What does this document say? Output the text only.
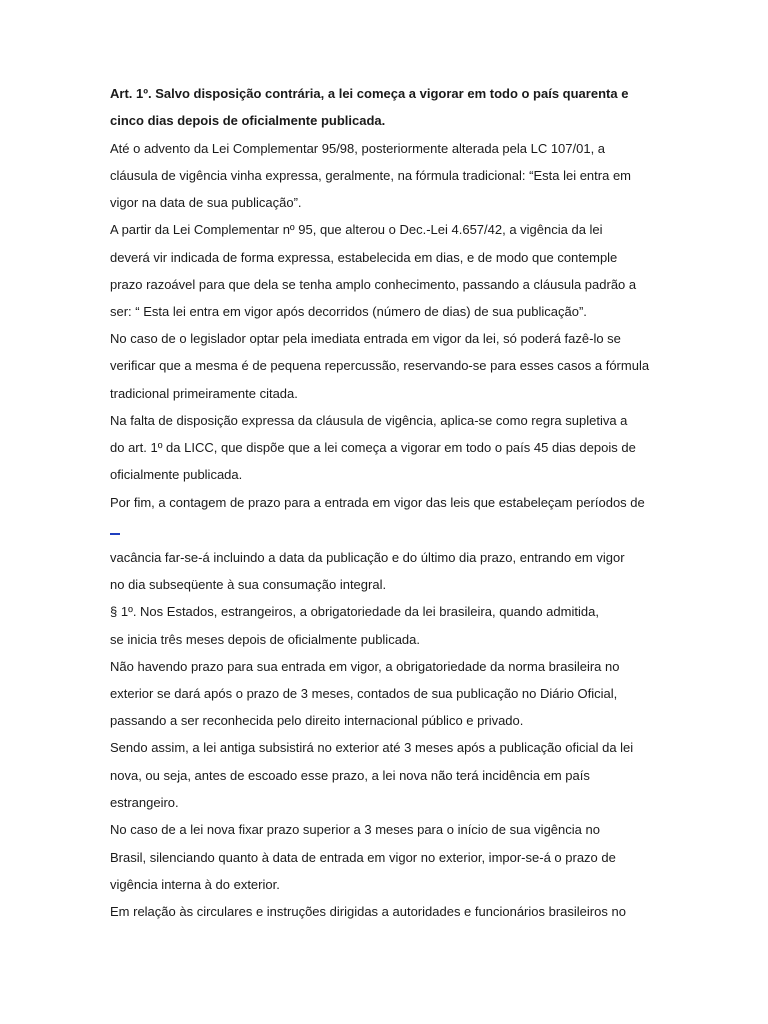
Art. 1º. Salvo disposição contrária, a lei começa a vigorar em todo o país quarenta e
cinco dias depois de oficialmente publicada.
Até o advento da Lei Complementar 95/98, posteriormente alterada pela LC 107/01, a
cláusula de vigência vinha expressa, geralmente, na fórmula tradicional: “Esta lei entra em
vigor na data de sua publicação”.
A partir da Lei Complementar nº 95, que alterou o Dec.-Lei 4.657/42, a vigência da lei
deverá vir indicada de forma expressa, estabelecida em dias, e de modo que contemple
prazo razoável para que dela se tenha amplo conhecimento, passando a cláusula padrão a
ser: “ Esta lei entra em vigor após decorridos (número de dias) de sua publicação”.
No caso de o legislador optar pela imediata entrada em vigor da lei, só poderá fazê-lo se
verificar que a mesma é de pequena repercussão, reservando-se para esses casos a fórmula
tradicional primeiramente citada.
Na falta de disposição expressa da cláusula de vigência, aplica-se como regra supletiva a
do art. 1º da LICC, que dispõe que a lei começa a vigorar em todo o país 45 dias depois de
oficialmente publicada.
Por fim, a contagem de prazo para a entrada em vigor das leis que estabeleçam períodos de
vacância far-se-á incluindo a data da publicação e do último dia prazo, entrando em vigor
no dia subseqüente à sua consumação integral.
§ 1º. Nos Estados, estrangeiros, a obrigatoriedade da lei brasileira, quando admitida,
se inicia três meses depois de oficialmente publicada.
Não havendo prazo para sua entrada em vigor, a obrigatoriedade da norma brasileira no
exterior se dará após o prazo de 3 meses, contados de sua publicação no Diário Oficial,
passando a ser reconhecida pelo direito internacional público e privado.
Sendo assim, a lei antiga subsistirá no exterior até 3 meses após a publicação oficial da lei
nova, ou seja, antes de escoado esse prazo, a lei nova não terá incidência em país
estrangeiro.
No caso de a lei nova fixar prazo superior a 3 meses para o início de sua vigência no
Brasil, silenciando quanto à data de entrada em vigor no exterior, impor-se-á o prazo de
vigência interna à do exterior.
Em relação às circulares e instruções dirigidas a autoridades e funcionários brasileiros no
